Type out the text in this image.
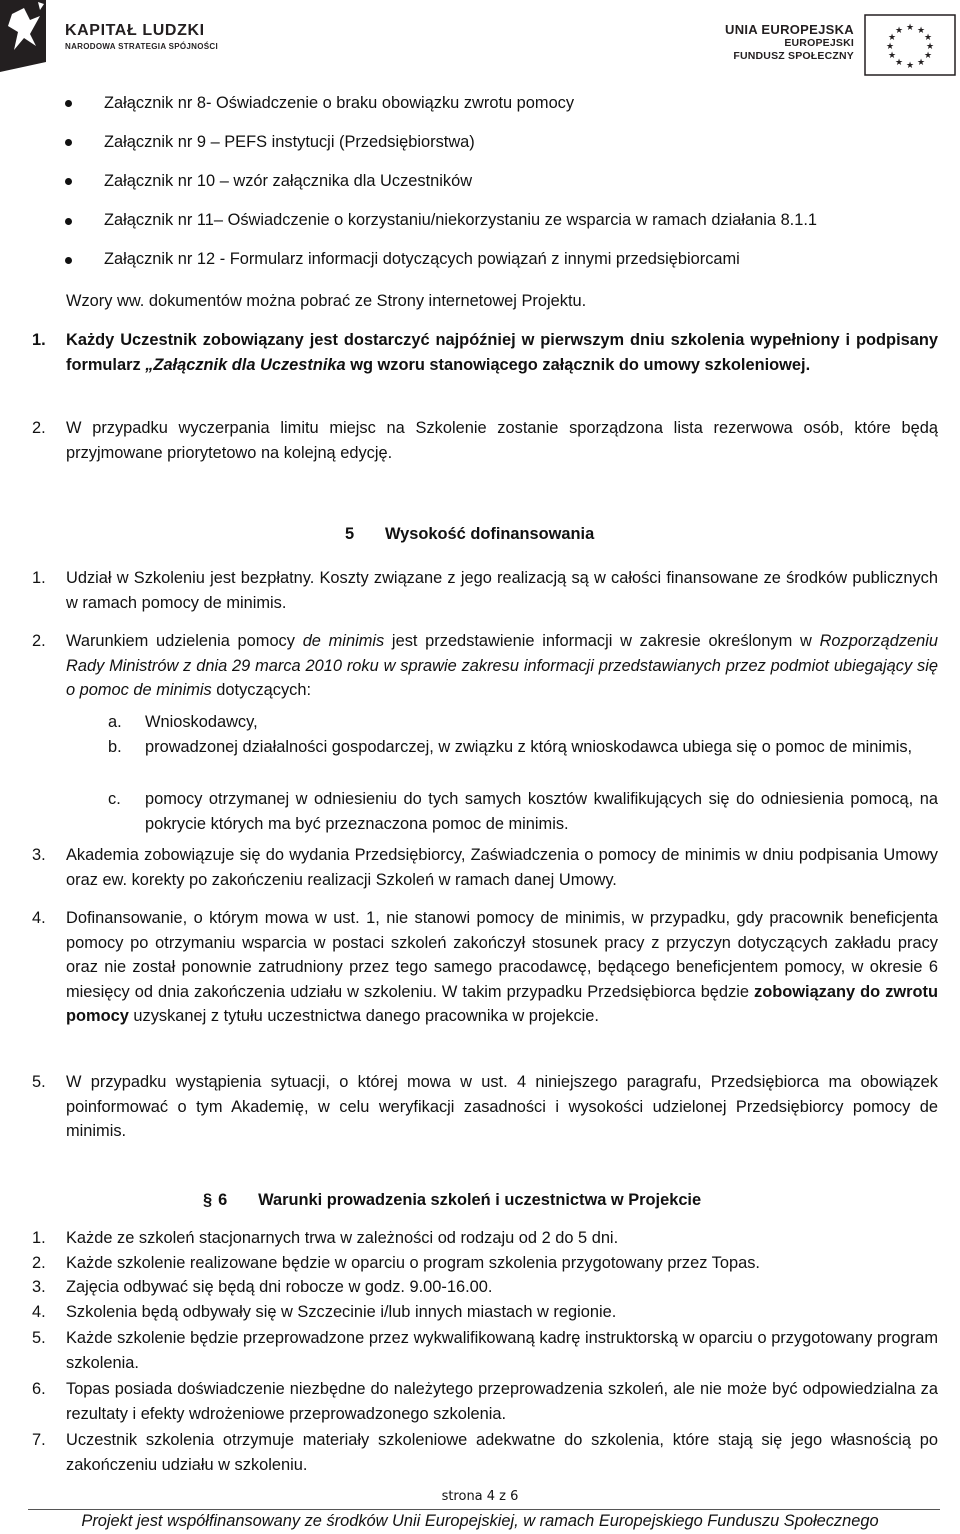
KAPITAŁ LUDZKI
NARODOWA STRATEGIA SPÓJNOŚCI
UNIA EUROPEJSKA
EUROPEJSKI
FUNDUSZ SPOŁECZNY
★ ★
★
★
★
★
★
★
★
★
★
★
Załącznik nr 8- Oświadczenie o braku obowiązku zwrotu pomocy
Załącznik nr 9 – PEFS instytucji (Przedsiębiorstwa)
Załącznik nr 10 – wzór załącznika dla Uczestników
Załącznik nr 11– Oświadczenie o korzystaniu/niekorzystaniu ze wsparcia w ramach działania 8.1.1
Załącznik nr 12 - Formularz informacji dotyczących powiązań z innymi przedsiębiorcami
Wzory ww. dokumentów można pobrać ze Strony internetowej Projektu.
1. Każdy Uczestnik zobowiązany jest dostarczyć najpóźniej w pierwszym dniu szkolenia wypełniony i podpisany formularz „Załącznik dla Uczestnika wg wzoru stanowiącego załącznik do umowy szkoleniowej.
2. W przypadku wyczerpania limitu miejsc na Szkolenie zostanie sporządzona lista rezerwowa osób, które będą przyjmowane priorytetowo na kolejną edycję.
5 Wysokość dofinansowania
1. Udział w Szkoleniu jest bezpłatny. Koszty związane z jego realizacją są w całości finansowane ze środków publicznych w ramach pomocy de minimis.
2. Warunkiem udzielenia pomocy de minimis jest przedstawienie informacji w zakresie określonym w Rozporządzeniu Rady Ministrów z dnia 29 marca 2010 roku w sprawie zakresu informacji przedstawianych przez podmiot ubiegający się o pomoc de minimis dotyczących:
a. Wnioskodawcy,
b. prowadzonej działalności gospodarczej, w związku z którą wnioskodawca ubiega się o pomoc de minimis,
c. pomocy otrzymanej w odniesieniu do tych samych kosztów kwalifikujących się do odniesienia pomocą, na pokrycie których ma być przeznaczona pomoc de minimis.
3. Akademia zobowiązuje się do wydania Przedsiębiorcy, Zaświadczenia o pomocy de minimis w dniu podpisania Umowy oraz ew. korekty po zakończeniu realizacji Szkoleń w ramach danej Umowy.
4. Dofinansowanie, o którym mowa w ust. 1, nie stanowi pomocy de minimis, w przypadku, gdy pracownik beneficjenta pomocy po otrzymaniu wsparcia w postaci szkoleń zakończył stosunek pracy z przyczyn dotyczących zakładu pracy oraz nie został ponownie zatrudniony przez tego samego pracodawcę, będącego beneficjentem pomocy, w okresie 6 miesięcy od dnia zakończenia udziału w szkoleniu. W takim przypadku Przedsiębiorca będzie zobowiązany do zwrotu pomocy uzyskanej z tytułu uczestnictwa danego pracownika w projekcie.
5. W przypadku wystąpienia sytuacji, o której mowa w ust. 4 niniejszego paragrafu, Przedsiębiorca ma obowiązek poinformować o tym Akademię, w celu weryfikacji zasadności i wysokości udzielonej Przedsiębiorcy pomocy de minimis.
§ 6 Warunki prowadzenia szkoleń i uczestnictwa w Projekcie
1. Każde ze szkoleń stacjonarnych trwa w zależności od rodzaju od 2 do 5 dni.
2. Każde szkolenie realizowane będzie w oparciu o program szkolenia przygotowany przez Topas.
3. Zajęcia odbywać się będą dni robocze w godz. 9.00-16.00.
4. Szkolenia będą odbywały się w Szczecinie i/lub innych miastach w regionie.
5. Każde szkolenie będzie przeprowadzone przez wykwalifikowaną kadrę instruktorską w oparciu o przygotowany program szkolenia.
6. Topas posiada doświadczenie niezbędne do należytego przeprowadzenia szkoleń, ale nie może być odpowiedzialna za rezultaty i efekty wdrożeniowe przeprowadzonego szkolenia.
7. Uczestnik szkolenia otrzymuje materiały szkoleniowe adekwatne do szkolenia, które stają się jego własnością po zakończeniu udziału w szkoleniu.
strona 4 z 6
Projekt jest współfinansowany ze środków Unii Europejskiej, w ramach Europejskiego Funduszu Społecznego
